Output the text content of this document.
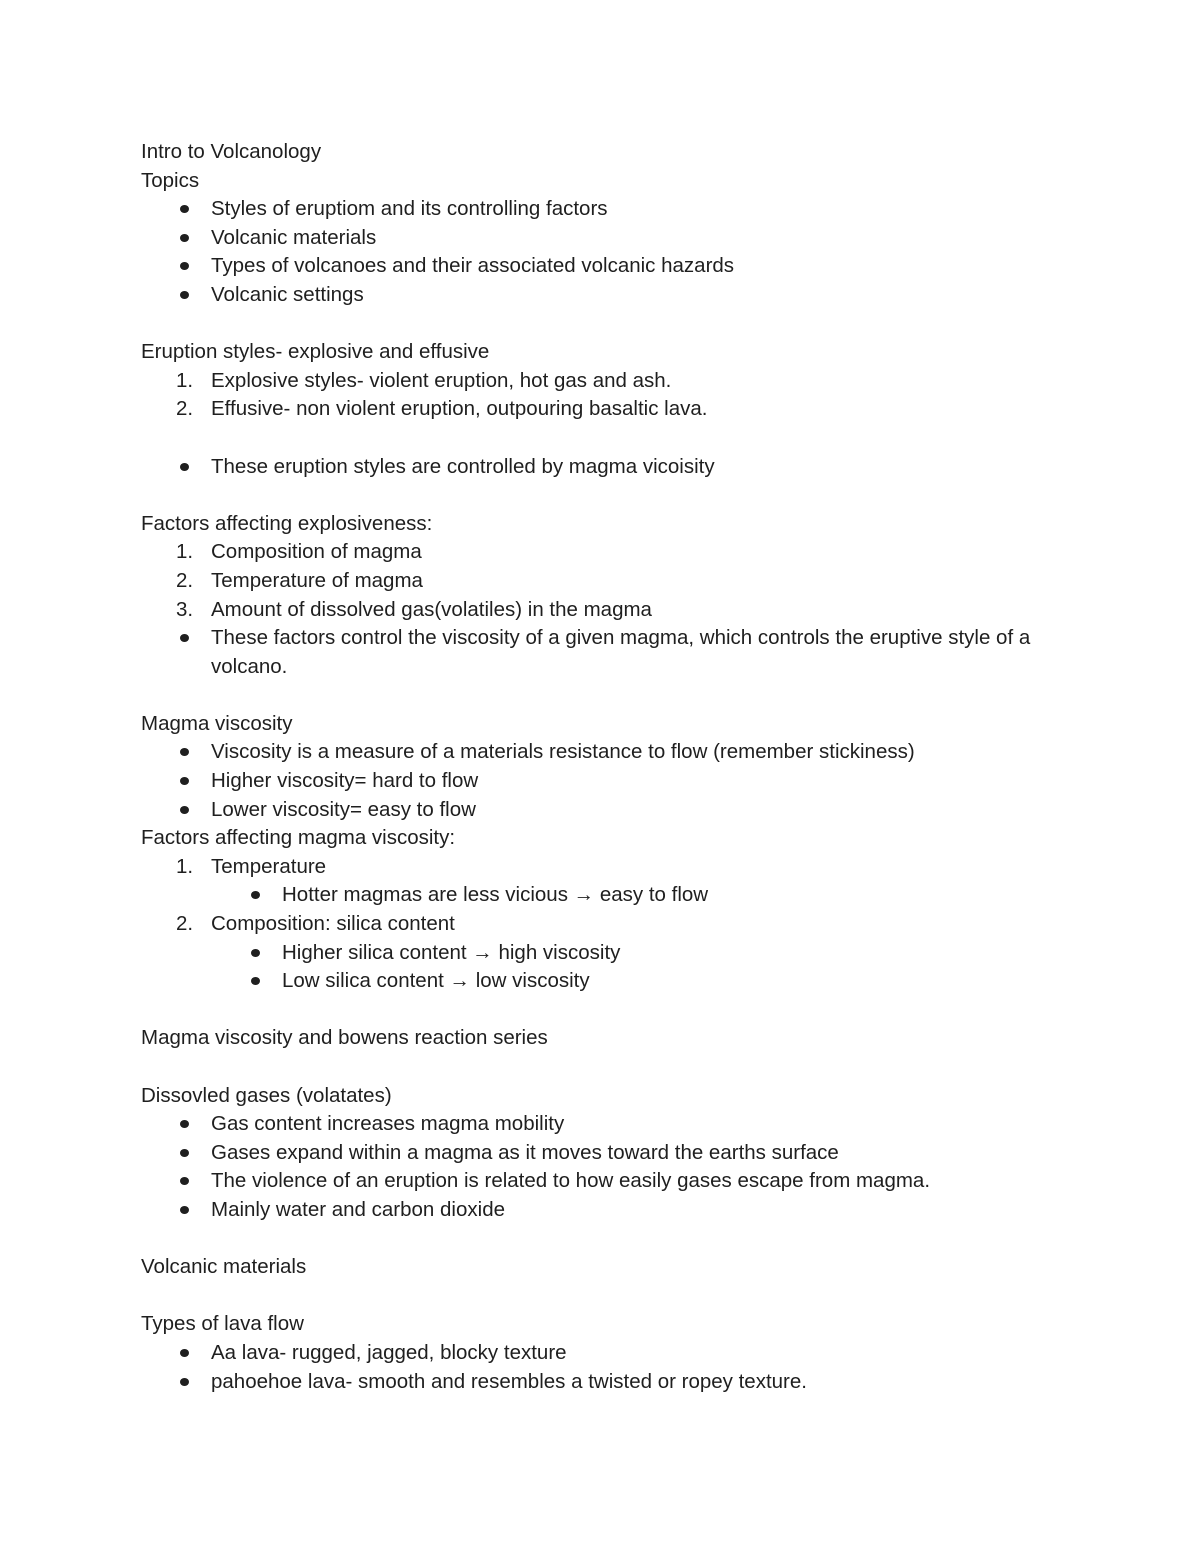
Intro to Volcanology

Topics

Styles of eruptiom and its controlling factors
Volcanic materials
Types of volcanoes and their associated volcanic hazards
Volcanic settings

Eruption styles- explosive and effusive

1. Explosive styles- violent eruption, hot gas and ash.
2. Effusive- non violent eruption, outpouring basaltic lava.
These eruption styles are controlled by magma vicoisity

Factors affecting explosiveness:

1. Composition of magma
2. Temperature of magma
3. Amount of dissolved gas(volatiles) in the magma
These factors control the viscosity of a given magma, which controls the eruptive style of a volcano.

Magma viscosity

Viscosity is a measure of a materials resistance to flow (remember stickiness)
Higher viscosity= hard to flow
Lower viscosity= easy to flow

Factors affecting magma viscosity:

1. Temperature
Hotter magmas are less vicious → easy to flow
2. Composition: silica content
Higher silica content → high viscosity
Low silica content → low viscosity

Magma viscosity and bowens reaction series

Dissovled gases (volatates)

Gas content increases magma mobility
Gases expand within a magma as it moves toward the earths surface
The violence of an eruption is related to how easily gases escape from magma.
Mainly water and carbon dioxide

Volcanic materials

Types of lava flow

Aa lava- rugged, jagged, blocky texture
pahoehoe lava- smooth and resembles a twisted or ropey texture.
